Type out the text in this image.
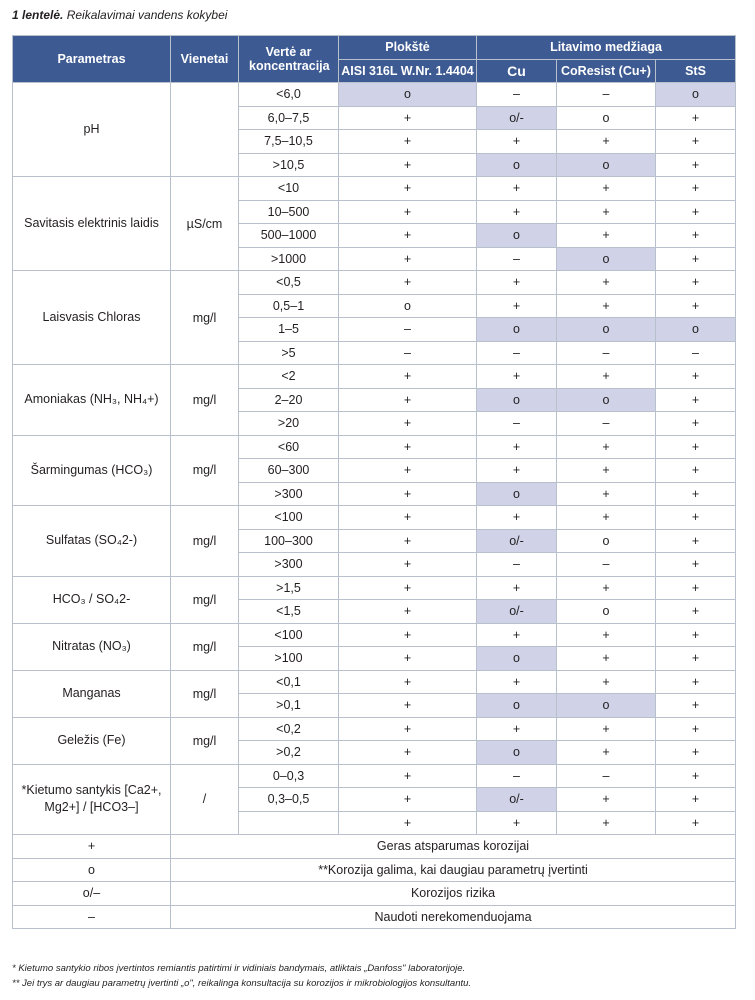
1 lentelė. Reikalavimai vandens kokybei
Parametras	Vienetai	Vertė ar koncentracija	Plokštė	Litavimo medžiaga		
			AISI 316L W.Nr. 1.4404	Cu	CoResist (Cu+)	StS
pH		<6,0	o	–	–	o
		6,0–7,5	+	o/-	o	+
		7,5–10,5	+	+	+	+
		>10,5	+	o	o	+
Savitasis elektrinis laidis	µS/cm	<10	+	+	+	+
		10–500	+	+	+	+
		500–1000	+	o	+	+
		>1000	+	–	o	+
Laisvasis Chloras	mg/l	<0,5	+	+	+	+
		0,5–1	o	+	+	+
		1–5	–	o	o	o
		>5	–	–	–	–
Amoniakas (NH₃, NH₄+)	mg/l	<2	+	+	+	+
		2–20	+	o	o	+
		>20	+	–	–	+
Šarmingumas (HCO₃)	mg/l	<60	+	+	+	+
		60–300	+	+	+	+
		>300	+	o	+	+
Sulfatas (SO₄2-)	mg/l	<100	+	+	+	+
		100–300	+	o/-	o	+
		>300	+	–	–	+
HCO₃ / SO₄2-	mg/l	>1,5	+	+	+	+
		<1,5	+	o/-	o	+
Nitratas (NO₃)	mg/l	<100	+	+	+	+
		>100	+	o	+	+
Manganas	mg/l	<0,1	+	+	+	+
		>0,1	+	o	o	+
Geležis (Fe)	mg/l	<0,2	+	+	+	+
		>0,2	+	o	+	+
*Kietumo santykis [Ca2+, Mg2+] / [HCO3–]	/	0–0,3	+	–	–	+
		0,3–0,5	+	o/-	+	+
			+	+	+	+
+	Geras atsparumas korozijai					
o	**Korozija galima, kai daugiau parametrų įvertinti					
o/–	Korozijos rizika					
–	Naudoti nerekomenduojama					
* Kietumo santykio ribos įvertintos remiantis patirtimi ir vidiniais bandymais, atliktais „Danfoss" laboratorijoje.
** Jei trys ar daugiau parametrų įvertinti „o", reikalinga konsultacija su korozijos ir mikrobiologijos konsultantu.
